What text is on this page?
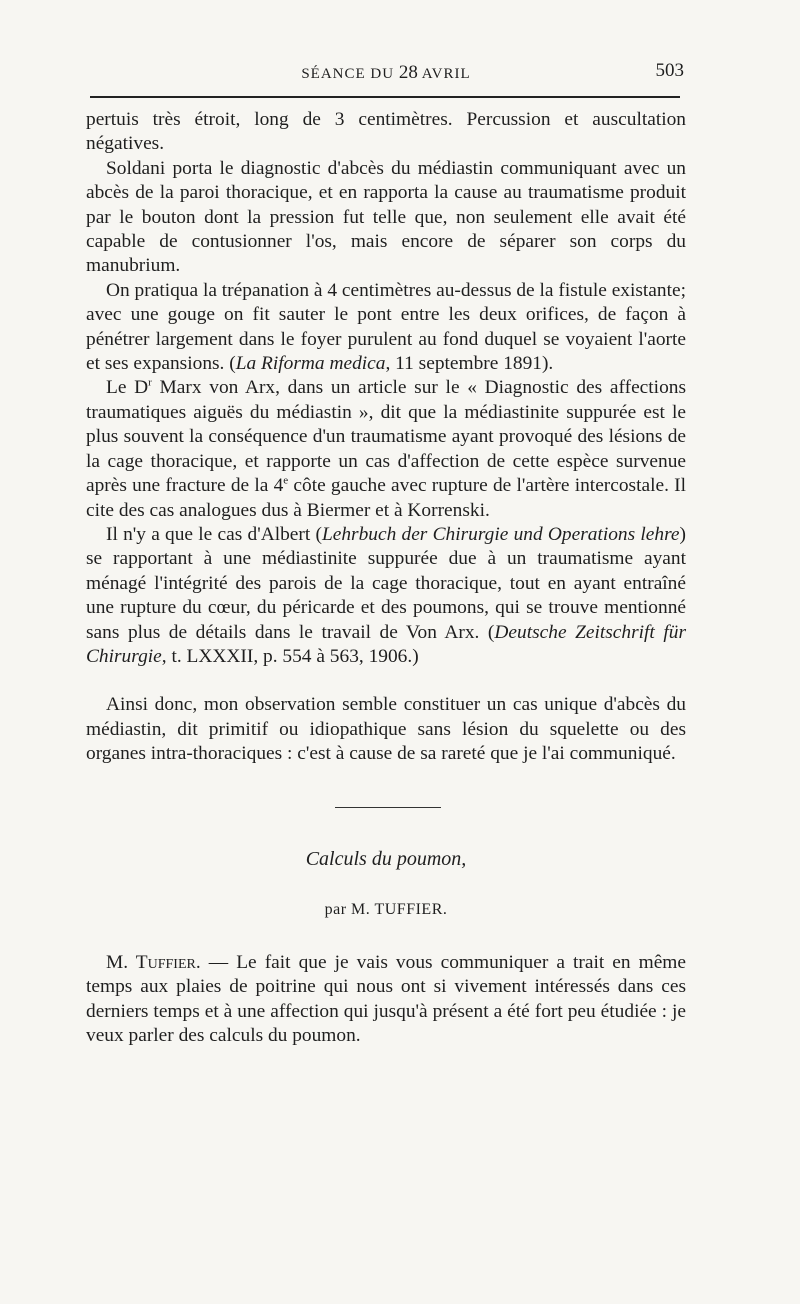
SÉANCE DU 28 AVRIL	503

pertuis très étroit, long de 3 centimètres. Percussion et auscultation négatives.

Soldani porta le diagnostic d'abcès du médiastin communiquant avec un abcès de la paroi thoracique, et en rapporta la cause au traumatisme produit par le bouton dont la pression fut telle que, non seulement elle avait été capable de contusionner l'os, mais encore de séparer son corps du manubrium.

On pratiqua la trépanation à 4 centimètres au-dessus de la fistule existante; avec une gouge on fit sauter le pont entre les deux orifices, de façon à pénétrer largement dans le foyer purulent au fond duquel se voyaient l'aorte et ses expansions. (La Riforma medica, 11 septembre 1891).

Le $D^r$ Marx von Arx, dans un article sur le « Diagnostic des affections traumatiques aiguës du médiastin », dit que la médiastinite suppurée est le plus souvent la conséquence d'un traumatisme ayant provoqué des lésions de la cage thoracique, et rapporte un cas d'affection de cette espèce survenue après une fracture de la 4e côte gauche avec rupture de l'artère intercostale. Il cite des cas analogues dus à Biermer et à Korrenski.

Il n'y a que le cas d'Albert (Lehrbuch der Chirurgie und Operations lehre) se rapportant à une médiastinite suppurée due à un traumatisme ayant ménagé l'intégrité des parois de la cage thoracique, tout en ayant entraîné une rupture du cœur, du péricarde et des poumons, qui se trouve mentionné sans plus de détails dans le travail de Von Arx. (Deutsche Zeitschrift für Chirurgie, t. LXXXII, p. 554 à 563, 1906.)

Ainsi donc, mon observation semble constituer un cas unique d'abcès du médiastin, dit primitif ou idiopathique sans lésion du squelette ou des organes intra-thoraciques : c'est à cause de sa rareté que je l'ai communiqué.

Calculs du poumon,
par M. TUFFIER.

M. Tuffier. — Le fait que je vais vous communiquer a trait en même temps aux plaies de poitrine qui nous ont si vivement intéressés dans ces derniers temps et à une affection qui jusqu'à présent a été fort peu étudiée : je veux parler des calculs du poumon.
